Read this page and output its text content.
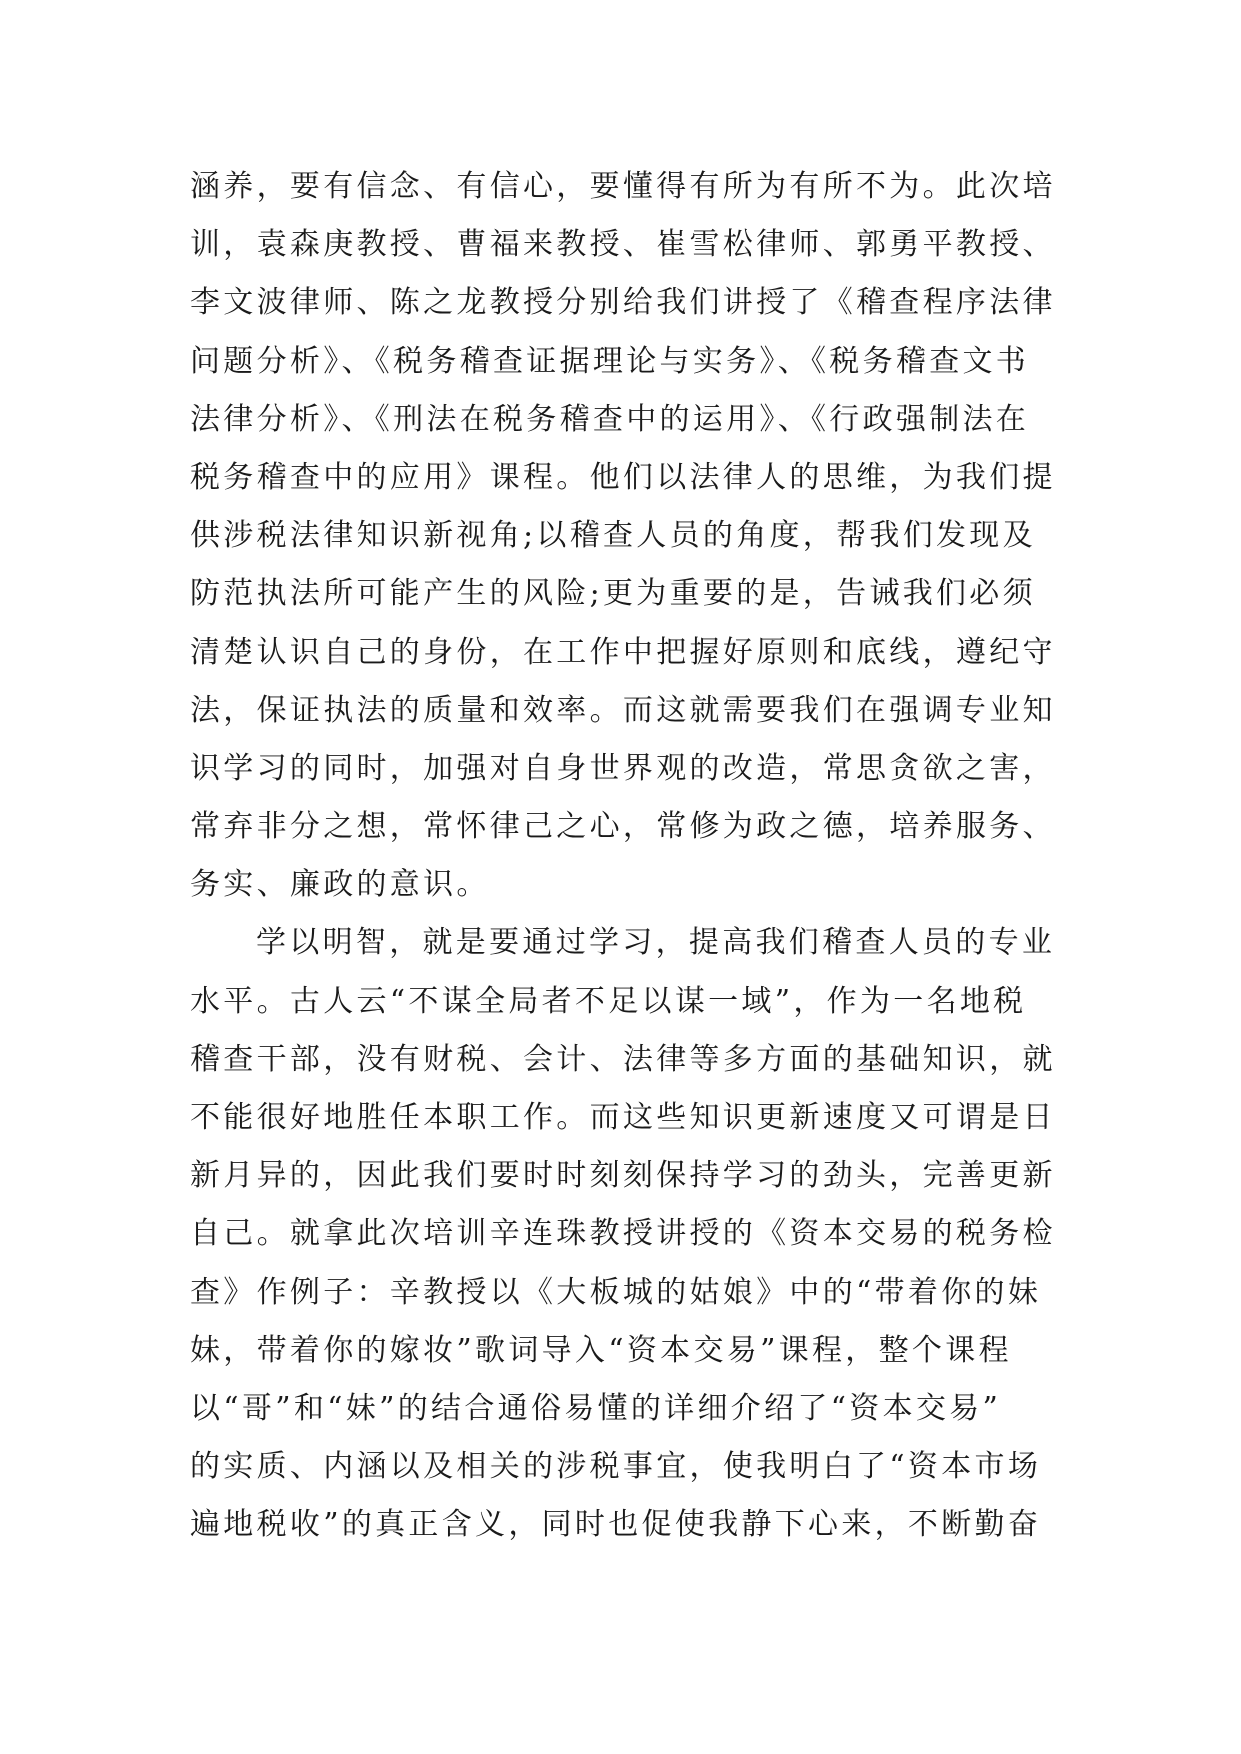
涵养，要有信念、有信心，要懂得有所为有所不为。此次培
训，袁森庚教授、曹福来教授、崔雪松律师、郭勇平教授、
李文波律师、陈之龙教授分别给我们讲授了《稽查程序法律
问题分析》、《税务稽查证据理论与实务》、《税务稽查文书
法律分析》、《刑法在税务稽查中的运用》、《行政强制法在
税务稽查中的应用》课程。他们以法律人的思维，为我们提
供涉税法律知识新视角;以稽查人员的角度，帮我们发现及
防范执法所可能产生的风险;更为重要的是，告诫我们必须
清楚认识自己的身份，在工作中把握好原则和底线，遵纪守
法，保证执法的质量和效率。而这就需要我们在强调专业知
识学习的同时，加强对自身世界观的改造，常思贪欲之害，
常弃非分之想，常怀律己之心，常修为政之德，培养服务、
务实、廉政的意识。
学以明智，就是要通过学习，提高我们稽查人员的专业
水平。古人云“不谋全局者不足以谋一域”，作为一名地税
稽查干部，没有财税、会计、法律等多方面的基础知识，就
不能很好地胜任本职工作。而这些知识更新速度又可谓是日
新月异的，因此我们要时时刻刻保持学习的劲头，完善更新
自己。就拿此次培训辛连珠教授讲授的《资本交易的税务检
查》作例子：辛教授以《大板城的姑娘》中的“带着你的妹
妹，带着你的嫁妆”歌词导入“资本交易”课程，整个课程
以“哥”和“妹”的结合通俗易懂的详细介绍了“资本交易”
的实质、内涵以及相关的涉税事宜，使我明白了“资本市场
遍地税收”的真正含义，同时也促使我静下心来，不断勤奋
